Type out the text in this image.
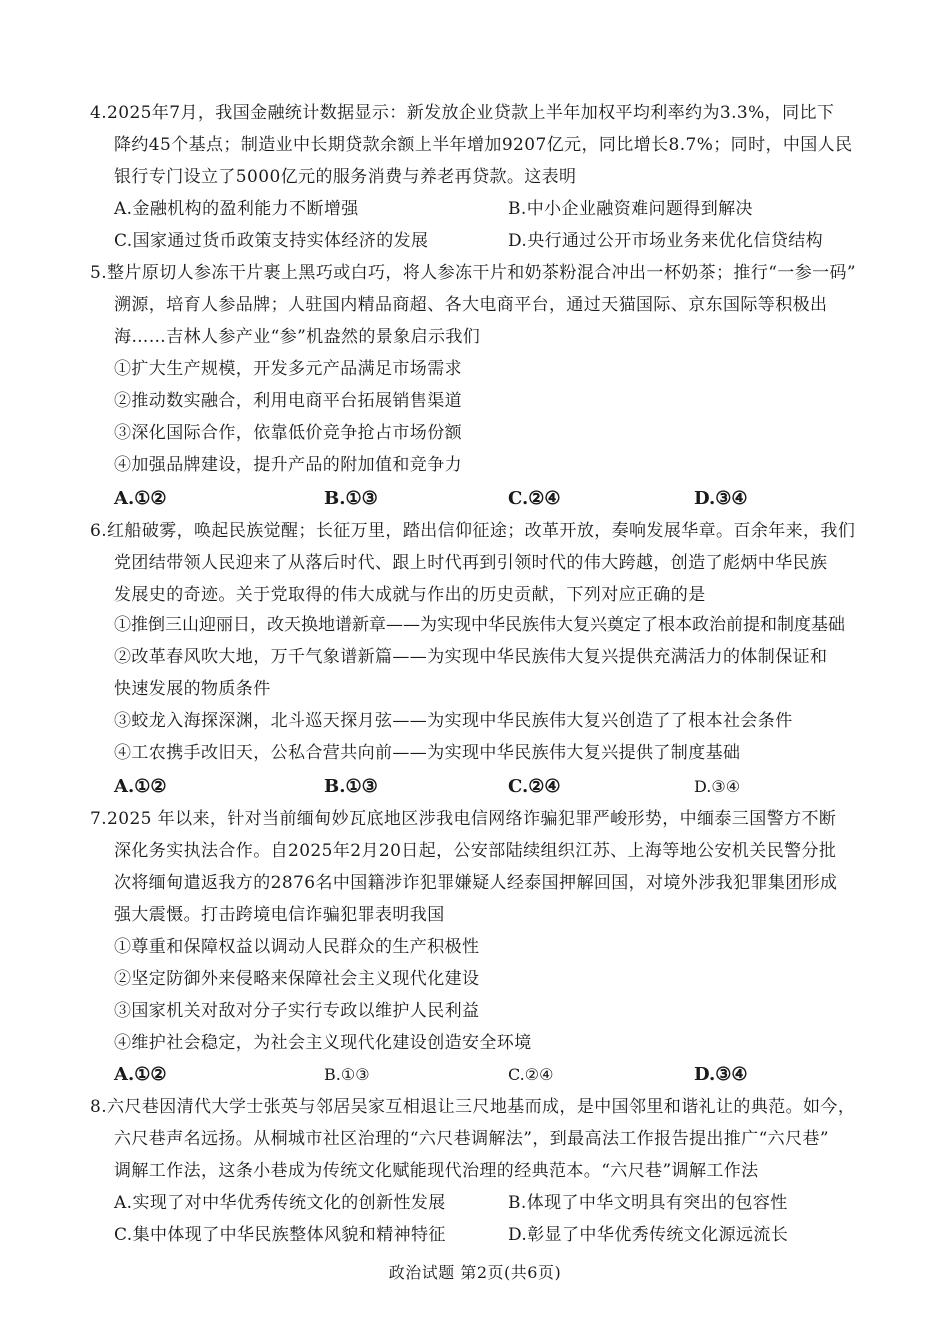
4.2025年7月，我国金融统计数据显示：新发放企业贷款上半年加权平均利率约为3.3%，同比下
降约45个基点；制造业中长期贷款余额上半年增加9207亿元，同比增长8.7%；同时，中国人民
银行专门设立了5000亿元的服务消费与养老再贷款。这表明
A.金融机构的盈利能力不断增强	B.中小企业融资难问题得到解决
C.国家通过货币政策支持实体经济的发展	D.央行通过公开市场业务来优化信贷结构
5.整片原切人参冻干片裹上黑巧或白巧，将人参冻干片和奶茶粉混合冲出一杯奶茶；推行“一参一码”
溯源，培育人参品牌；人驻国内精品商超、各大电商平台，通过天猫国际、京东国际等积极出
海……吉林人参产业“参”机盎然的景象启示我们
①扩大生产规模，开发多元产品满足市场需求
②推动数实融合，利用电商平台拓展销售渠道
③深化国际合作，依靠低价竞争抢占市场份额
④加强品牌建设，提升产品的附加值和竞争力
A.①②	B.①③	C.②④	D.③④
6.红船破雾，唤起民族觉醒；长征万里，踏出信仰征途；改革开放，奏响发展华章。百余年来，我们
党团结带领人民迎来了从落后时代、跟上时代再到引领时代的伟大跨越，创造了彪炳中华民族
发展史的奇迹。关于党取得的伟大成就与作出的历史贡献，下列对应正确的是
①推倒三山迎丽日，改天换地谱新章——为实现中华民族伟大复兴奠定了根本政治前提和制度基础
②改革春风吹大地，万千气象谱新篇——为实现中华民族伟大复兴提供充满活力的体制保证和
快速发展的物质条件
③蛟龙入海探深渊，北斗巡天探月弦——为实现中华民族伟大复兴创造了了根本社会条件
④工农携手改旧天，公私合营共向前——为实现中华民族伟大复兴提供了制度基础
A.①②	B.①③	C.②④	D.③④
7.2025 年以来，针对当前缅甸妙瓦底地区涉我电信网络诈骗犯罪严峻形势，中缅泰三国警方不断
深化务实执法合作。自2025年2月20日起，公安部陆续组织江苏、上海等地公安机关民警分批
次将缅甸遣返我方的2876名中国籍涉诈犯罪嫌疑人经泰国押解回国，对境外涉我犯罪集团形成
强大震慑。打击跨境电信诈骗犯罪表明我国
①尊重和保障权益以调动人民群众的生产积极性
②坚定防御外来侵略来保障社会主义现代化建设
③国家机关对敌对分子实行专政以维护人民利益
④维护社会稳定，为社会主义现代化建设创造安全环境
A.①②	B.①③	C.②④	D.③④
8.六尺巷因清代大学士张英与邻居吴家互相退让三尺地基而成，是中国邻里和谐礼让的典范。如今，
六尺巷声名远扬。从桐城市社区治理的“六尺巷调解法”，到最高法工作报告提出推广“六尺巷”
调解工作法，这条小巷成为传统文化赋能现代治理的经典范本。“六尺巷”调解工作法
A.实现了对中华优秀传统文化的创新性发展	B.体现了中华文明具有突出的包容性
C.集中体现了中华民族整体风貌和精神特征	D.彰显了中华优秀传统文化源远流长
政治试题 第2页(共6页)
